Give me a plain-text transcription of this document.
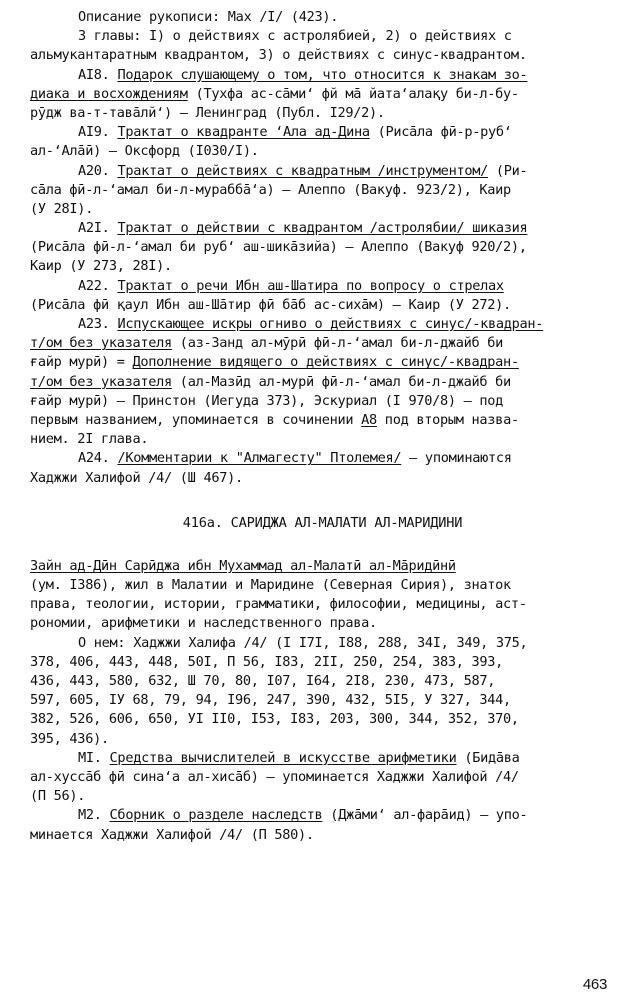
Описание рукописи: Мах /I/ (423).
3 главы: I) о действиях с астролябией, 2) о действиях с
альмукантаратным квадрантом, 3) о действиях с синус-квадрантом.
AI8. Подарок слушающему о том, что относится к знакам зо-
диака и восхождениям (Тухфа ас-сāми‘ фй мā йата‘алақу би-л-бу-
рӯдж ва-т-тавāлй‘) – Ленинград (Публ. I29/2).
AI9. Трактат о квадранте ‘Ала ад-Дина (Рисāла фӣ-р-руб‘
ал-‘Алāӣ) – Оксфорд (I030/I).
A20. Трактат о действиях с квадратным /инструментом/ (Ри-
сāла фӣ-л-‘амал би-л-мураббā‘а) – Алеппо (Вакуф. 923/2), Каир
(У 28I).
A2I. Трактат о действии с квадрантом /астролябии/ шиказия
(Рисāла фӣ-л-‘амал би руб‘ аш-шикāзийа) – Алеппо (Вакуф 920/2),
Каир (У 273, 28I).
A22. Трактат о речи Ибн аш-Шатира по вопросу о стрелах
(Рисāла фӣ қаул Ибн аш-Шāтир фӣ бāб ас-сихāм) – Каир (У 272).
A23. Испускающее искры огниво о действиях с синус/-квадран-
т/ом без указателя (аз-Занд ал-мӯрӣ фӣ-л-‘амал би-л-джайб би
ғайр мурӣ) = Дополнение видящего о действиях с синус/-квадран-
т/ом без указателя (ал-Мазӣд ал-мурӣ фӣ-л-‘амал би-л-джайб би
ғайр мурӣ) – Принстон (Иегуда 373), Эскуриал (I 970/8) – под
первым названием, упоминается в сочинении A8 под вторым назва-
нием. 2I глава.
A24. /Комментарии к "Алмагесту" Птолемея/ – упоминаются
Хаджжи Халифой /4/ (Ш 467).
416а. САРИДЖА АЛ-МАЛАТИ АЛ-МАРИДИНИ
Зайн ад-Дӣн Сарӣджа ибн Мухаммад ал-Малатӣ ал-Мāридӣнӣ
(ум. I386), жил в Малатии и Маридине (Северная Сирия), знаток
права, теологии, истории, грамматики, философии, медицины, аст-
рономии, арифметики и наследственного права.
О нем: Хаджжи Халифа /4/ (I I7I, I88, 288, 34I, 349, 375,
378, 406, 443, 448, 50I, П 56, I83, 2II, 250, 254, 383, 393,
436, 443, 580, 632, Ш 70, 80, I07, I64, 2I8, 230, 473, 587,
597, 605, IУ 68, 79, 94, I96, 247, 390, 432, 5I5, У 327, 344,
382, 526, 606, 650, УI II0, I53, I83, 203, 300, 344, 352, 370,
395, 436).
МI. Средства вычислителей в искусстве арифметики (Бидāва
ал-хуссāб фӣ сина‘а ал-хисāб) – упоминается Хаджжи Халифой /4/
(П 56).
М2. Сборник о разделе наследств (Джāми‘ ал-фарāид) – упо-
минается Хаджжи Халифой /4/ (П 580).
463
